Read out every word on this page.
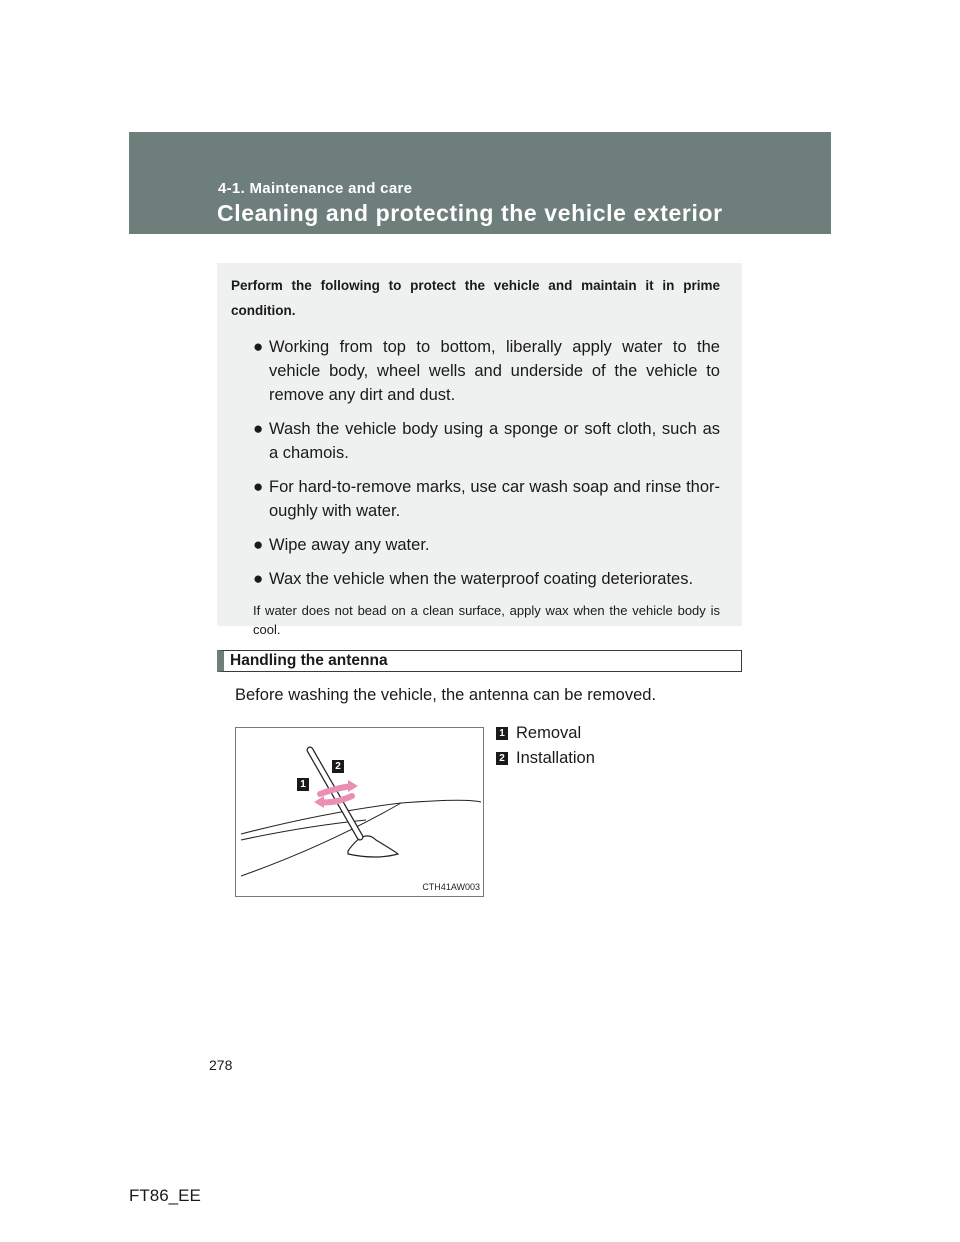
4-1. Maintenance and care
Cleaning and protecting the vehicle exterior

Perform the following to protect the vehicle and maintain it in prime condition.

● Working from top to bottom, liberally apply water to the vehicle body, wheel wells and underside of the vehicle to remove any dirt and dust.
● Wash the vehicle body using a sponge or soft cloth, such as a chamois.
● For hard-to-remove marks, use car wash soap and rinse thor-oughly with water.
● Wipe away any water.
● Wax the vehicle when the waterproof coating deteriorates.

If water does not bead on a clean surface, apply wax when the vehicle body is cool.

Handling the antenna
Before washing the vehicle, the antenna can be removed.
1
2
CTH41AW003
1 Removal
2 Installation
278
FT86_EE
